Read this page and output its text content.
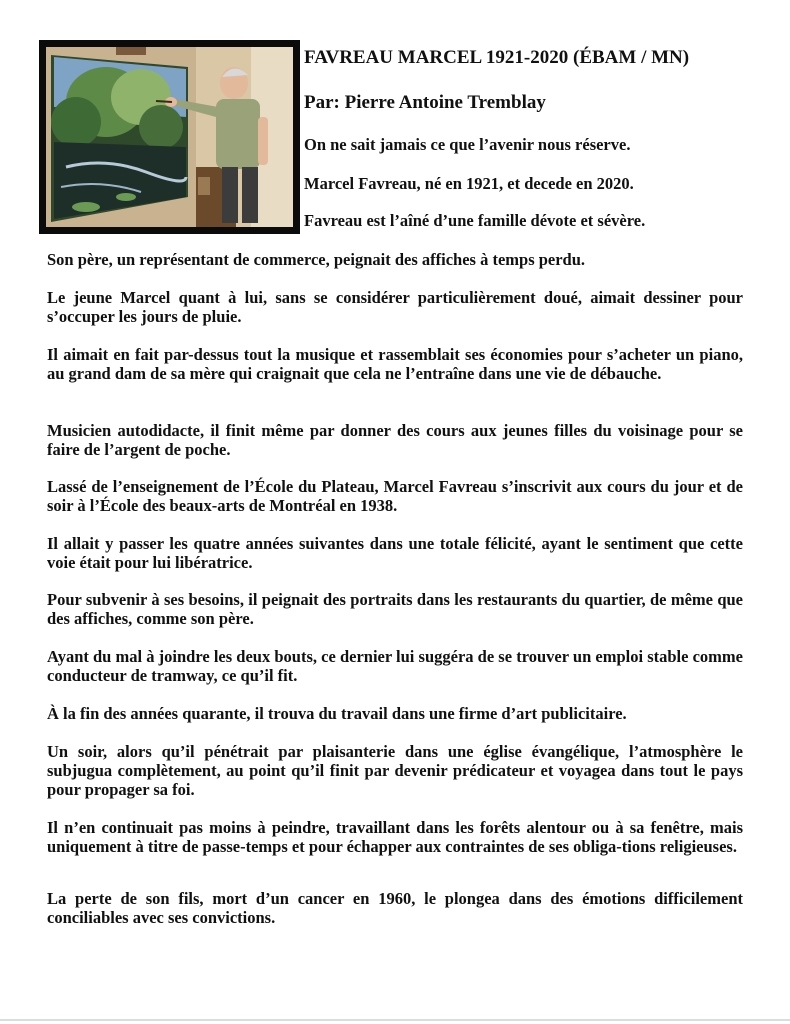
FAVREAU MARCEL 1921-2020 (ÉBAM / MN)
Par: Pierre Antoine Tremblay

On ne sait jamais ce que l’avenir nous réserve.

Marcel Favreau, né en 1921, et decede en 2020.

Favreau est l’aîné d’une famille dévote et sévère.

Son père, un représentant de commerce, peignait des affiches à temps perdu.

Le jeune Marcel quant à lui, sans se considérer particulièrement doué, aimait dessiner pour s’occuper les jours de pluie.

Il aimait en fait par-dessus tout la musique et rassemblait ses économies pour s’acheter un piano, au grand dam de sa mère qui craignait que cela ne l’entraîne dans une vie de débauche.

Musicien autodidacte, il finit même par donner des cours aux jeunes filles du voisinage pour se faire de l’argent de poche.

Lassé de l’enseignement de l’École du Plateau, Marcel Favreau s’inscrivit aux cours du jour et de soir à l’École des beaux-arts de Montréal en 1938.

Il allait y passer les quatre années suivantes dans une totale félicité, ayant le sentiment que cette voie était pour lui libératrice.

Pour subvenir à ses besoins, il peignait des portraits dans les restaurants du quartier, de même que des affiches, comme son père.

Ayant du mal à joindre les deux bouts, ce dernier lui suggéra de se trouver un emploi stable comme conducteur de tramway, ce qu’il fit.

À la fin des années quarante, il trouva du travail dans une firme d’art publicitaire.

Un soir, alors qu’il pénétrait par plaisanterie dans une église évangélique, l’atmosphère le subjugua complètement, au point qu’il finit par devenir prédicateur et voyagea dans tout le pays pour propager sa foi.

Il n’en continuait pas moins à peindre, travaillant dans les forêts alentour ou à sa fenêtre, mais uniquement à titre de passe-temps et pour échapper aux contraintes de ses obliga-tions religieuses.

La perte de son fils, mort d’un cancer en 1960, le plongea dans des émotions difficilement conciliables avec ses convictions.
